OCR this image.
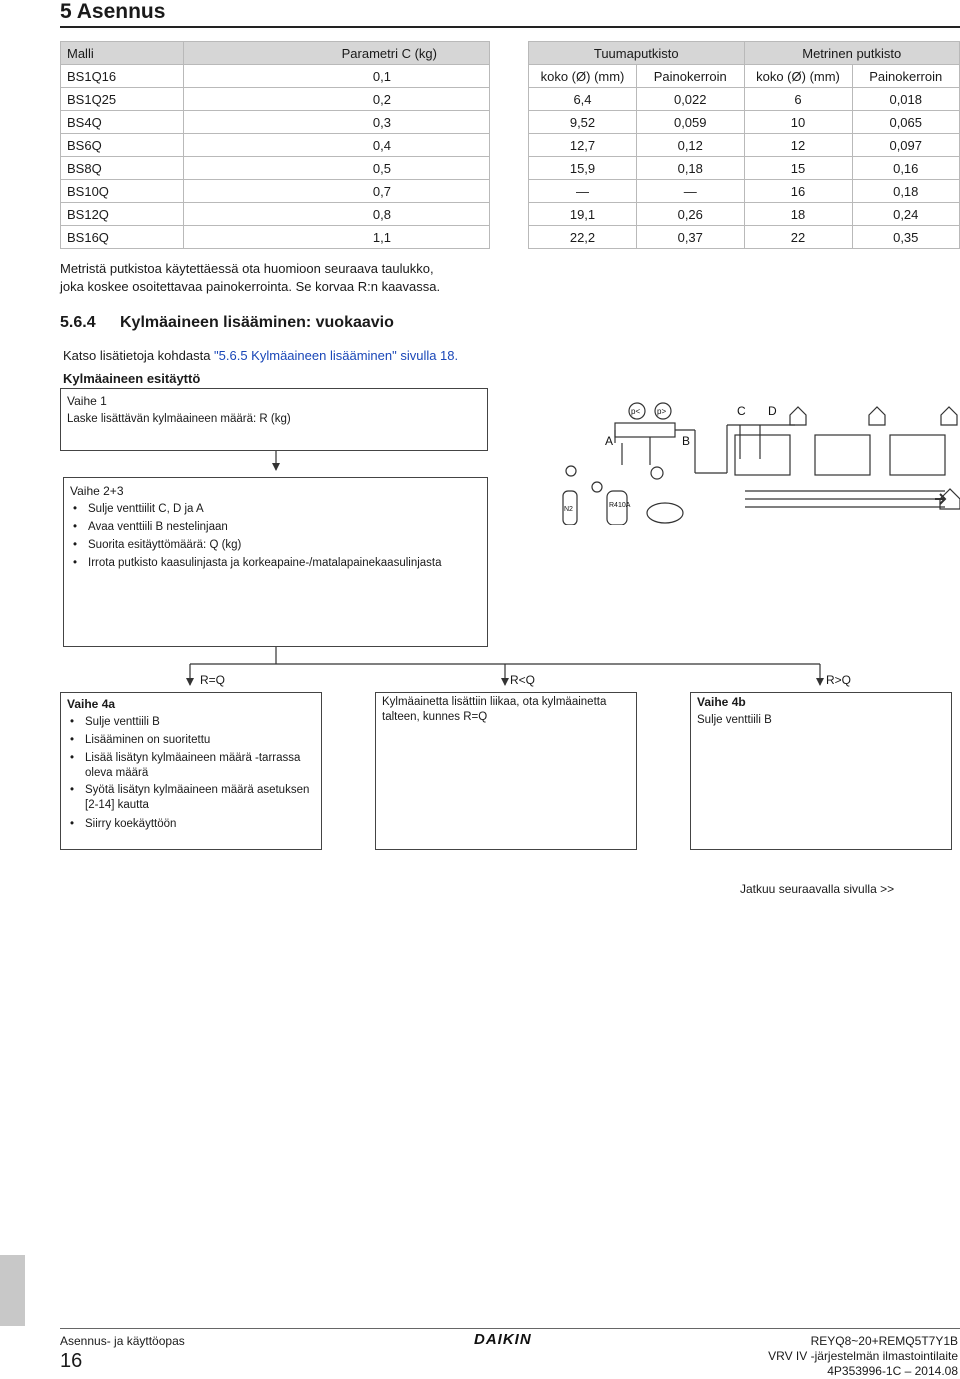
5 Asennus
Malli	Parametri C (kg)
BS1Q16	0,1
BS1Q25	0,2
BS4Q	0,3
BS6Q	0,4
BS8Q	0,5
BS10Q	0,7
BS12Q	0,8
BS16Q	1,1
Tuumaputkisto		Metrinen putkisto	
koko (Ø) (mm)	Painokerroin	koko (Ø) (mm)	Painokerroin
6,4	0,022	6	0,018
9,52	0,059	10	0,065
12,7	0,12	12	0,097
15,9	0,18	15	0,16
—	—	16	0,18
19,1	0,26	18	0,24
22,2	0,37	22	0,35
Metristä putkistoa käytettäessä ota huomioon seuraava taulukko,
joka koskee osoitettavaa painokerrointa. Se korvaa R:n kaavassa.
5.6.4 Kylmäaineen lisääminen: vuokaavio
Katso lisätietoja kohdasta "5.6.5 Kylmäaineen lisääminen" sivulla 18.
Kylmäaineen esitäyttö
Vaihe 1
Laske lisättävän kylmäaineen määrä: R (kg)
Vaihe 2+3
• Sulje venttiilit C, D ja A
• Avaa venttiili B nestelinjaan
• Suorita esitäyttömäärä: Q (kg)
• Irrota putkisto kaasulinjasta ja korkeapaine-/matalapainekaasulinjasta
A	B
C D
p< p>
N2
R410A
R=Q	R<Q	R>Q
Vaihe 4a
• Sulje venttiili B
• Lisääminen on suoritettu
• Lisää lisätyn kylmäaineen määrä -tarrassa oleva määrä
• Syötä lisätyn kylmäaineen määrä asetuksen [2-14] kautta
• Siirry koekäyttöön
Kylmäainetta lisättiin liikaa, ota kylmäainetta talteen, kunnes R=Q
Vaihe 4b
Sulje venttiili B
Jatkuu seuraavalla sivulla >>
Asennus- ja käyttöopas
16
DAIKIN	REYQ8~20+REMQ5T7Y1B
VRV IV -järjestelmän ilmastointilaite
4P353996-1C – 2014.08
